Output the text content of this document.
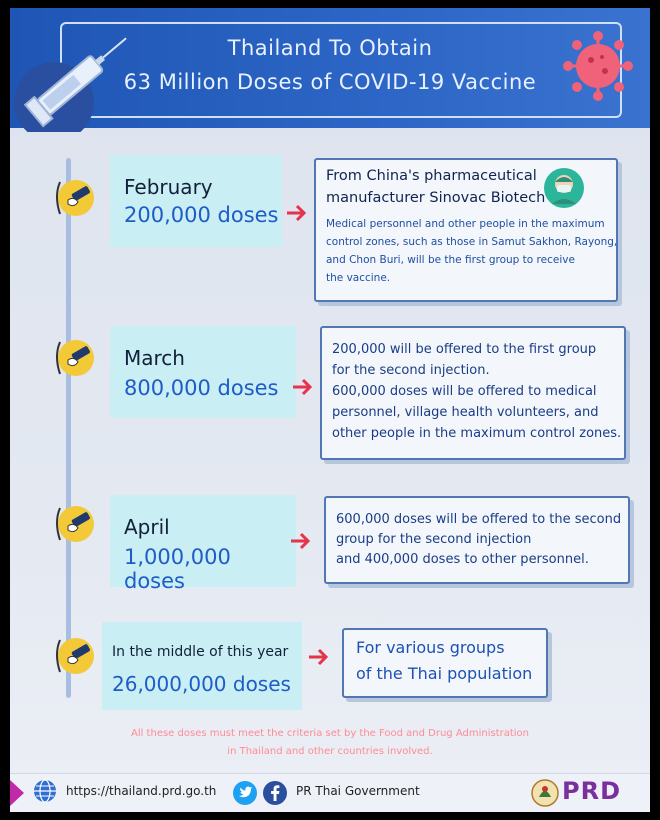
Thailand To Obtain
63 Million Doses of COVID-19 Vaccine
February
200,000 doses
From China's pharmaceutical
manufacturer Sinovac Biotech
Medical personnel and other people in the maximum
control zones, such as those in Samut Sakhon, Rayong,
and Chon Buri, will be the first group to receive
the vaccine.
March
800,000 doses
200,000 will be offered to the first group
for the second injection.
600,000 doses will be offered to medical
personnel, village health volunteers, and
other people in the maximum control zones.
April
1,000,000 doses
600,000 doses will be offered to the second
group for the second injection
and 400,000 doses to other personnel.
In the middle of this year
26,000,000 doses
For various groups
of the Thai population
All these doses must meet the criteria set by the Food and Drug Administration
in Thailand and other countries involved.
https://thailand.prd.go.th	PR Thai Government	PRD
